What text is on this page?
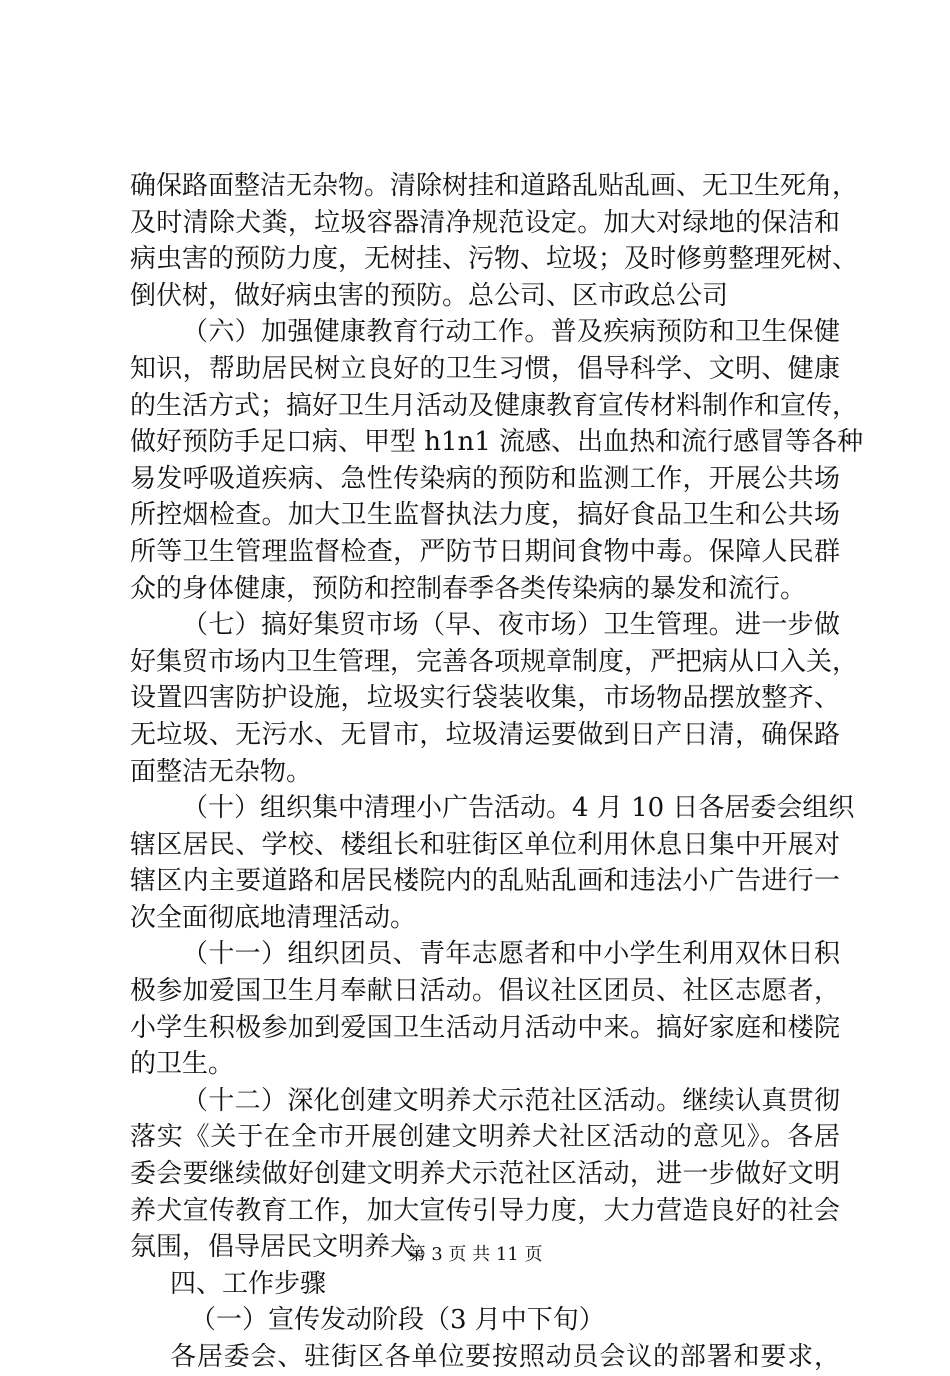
确保路面整洁无杂物。清除树挂和道路乱贴乱画、无卫生死角，
及时清除犬粪，垃圾容器清净规范设定。加大对绿地的保洁和
病虫害的预防力度，无树挂、污物、垃圾；及时修剪整理死树、
倒伏树，做好病虫害的预防。总公司、区市政总公司
（六）加强健康教育行动工作。普及疾病预防和卫生保健
知识，帮助居民树立良好的卫生习惯，倡导科学、文明、健康
的生活方式；搞好卫生月活动及健康教育宣传材料制作和宣传，
做好预防手足口病、甲型 h1n1 流感、出血热和流行感冒等各种
易发呼吸道疾病、急性传染病的预防和监测工作，开展公共场
所控烟检查。加大卫生监督执法力度，搞好食品卫生和公共场
所等卫生管理监督检查，严防节日期间食物中毒。保障人民群
众的身体健康，预防和控制春季各类传染病的暴发和流行。
（七）搞好集贸市场（早、夜市场）卫生管理。进一步做
好集贸市场内卫生管理，完善各项规章制度，严把病从口入关，
设置四害防护设施，垃圾实行袋装收集，市场物品摆放整齐、
无垃圾、无污水、无冒市，垃圾清运要做到日产日清，确保路
面整洁无杂物。
（十）组织集中清理小广告活动。4 月 10 日各居委会组织
辖区居民、学校、楼组长和驻街区单位利用休息日集中开展对
辖区内主要道路和居民楼院内的乱贴乱画和违法小广告进行一
次全面彻底地清理活动。
（十一）组织团员、青年志愿者和中小学生利用双休日积
极参加爱国卫生月奉献日活动。倡议社区团员、社区志愿者，
小学生积极参加到爱国卫生活动月活动中来。搞好家庭和楼院
的卫生。
（十二）深化创建文明养犬示范社区活动。继续认真贯彻
落实《关于在全市开展创建文明养犬社区活动的意见》。各居
委会要继续做好创建文明养犬示范社区活动，进一步做好文明
养犬宣传教育工作，加大宣传引导力度，大力营造良好的社会
氛围，倡导居民文明养犬。
四、工作步骤
（一）宣传发动阶段（3 月中下旬）
各居委会、驻街区各单位要按照动员会议的部署和要求，
第 3 页 共 11 页
